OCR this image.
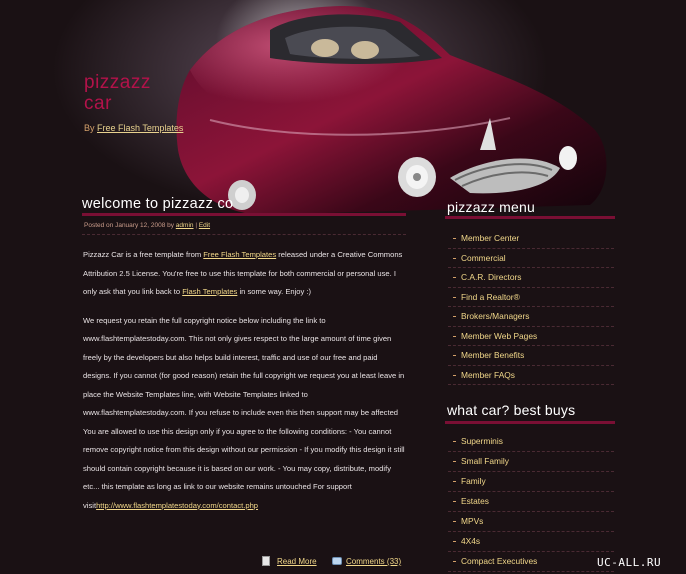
pizzazz
car
By Free Flash Templates
welcome to pizzazz co
Posted on January 12, 2008 by admin | Edit

Pizzazz Car is a free template from Free Flash Templates released under a Creative Commons Attribution 2.5 License. You're free to use this template for both commercial or personal use. I only ask that you link back to Flash Templates in some way. Enjoy :)

We request you retain the full copyright notice below including the link to www.flashtemplatestoday.com. This not only gives respect to the large amount of time given freely by the developers but also helps build interest, traffic and use of our free and paid designs. If you cannot (for good reason) retain the full copyright we request you at least leave in place the Website Templates line, with Website Templates linked to www.flashtemplatestoday.com. If you refuse to include even this then support may be affected You are allowed to use this design only if you agree to the following conditions: - You cannot remove copyright notice from this design without our permission - If you modify this design it still should contain copyright because it is based on our work. - You may copy, distribute, modify etc... this template as long as link to our website remains untouched For support visithttp://www.flashtemplatestoday.com/contact.php

Read More	Comments (33)
pizzazz menu
Member Center
Commercial
C.A.R. Directors
Find a Realtor®
Brokers/Managers
Member Web Pages
Member Benefits
Member FAQs
what car? best buys
Superminis
Small Family
Family
Estates
MPVs
4X4s
Compact Executives	UC-ALL.RU
